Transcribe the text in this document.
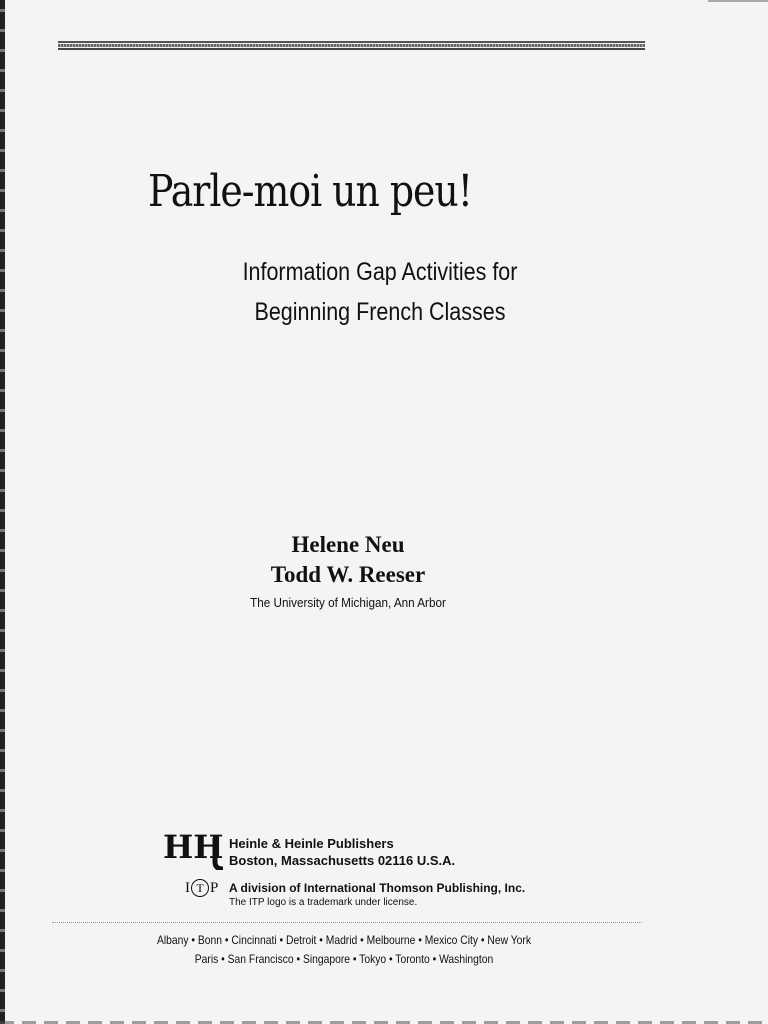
Parle-moi un peu!
Information Gap Activities for
Beginning French Classes
Helene Neu
Todd W. Reeser
The University of Michigan, Ann Arbor
HH Heinle & Heinle Publishers
Boston, Massachusetts 02116 U.S.A.
I T P A division of International Thomson Publishing, Inc.
The ITP logo is a trademark under license.
Albany • Bonn • Cincinnati • Detroit • Madrid • Melbourne • Mexico City • New York
Paris • San Francisco • Singapore • Tokyo • Toronto • Washington
